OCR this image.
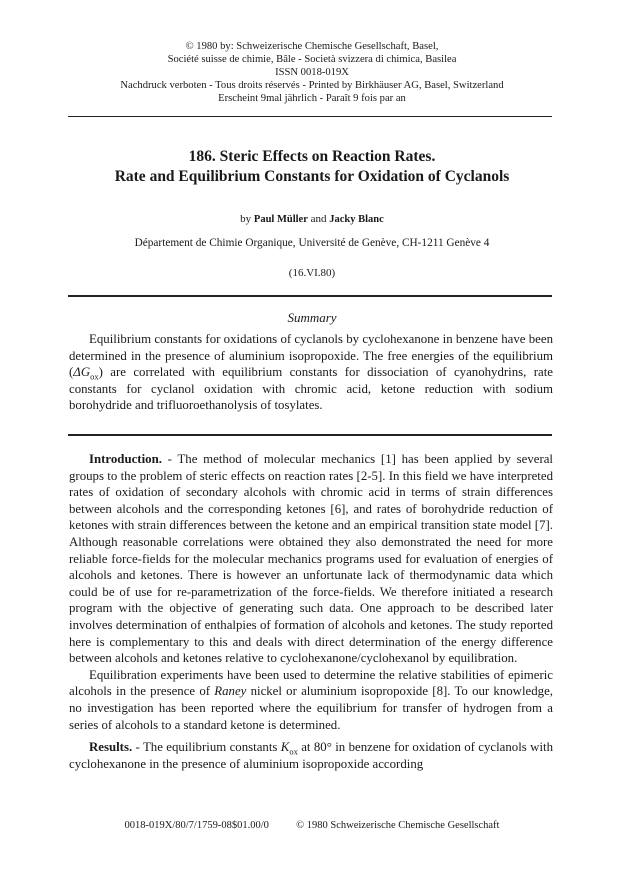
© 1980 by: Schweizerische Chemische Gesellschaft, Basel,
Société suisse de chimie, Bâle - Società svizzera di chimica, Basilea
ISSN 0018-019X
Nachdruck verboten - Tous droits réservés - Printed by Birkhäuser AG, Basel, Switzerland
Erscheint 9mal jährlich - Paraît 9 fois par an
186. Steric Effects on Reaction Rates.
Rate and Equilibrium Constants for Oxidation of Cyclanols
by Paul Müller and Jacky Blanc
Département de Chimie Organique, Université de Genève, CH-1211 Genève 4
(16.VI.80)
Summary

Equilibrium constants for oxidations of cyclanols by cyclohexanone in benzene have been determined in the presence of aluminium isopropoxide. The free energies of the equilibrium $(\Delta G_{ox})$ are correlated with equilibrium constants for dissociation of cyanohydrins, rate constants for cyclanol oxidation with chromic acid, ketone reduction with sodium borohydride and trifluoroethanolysis of tosylates.

Introduction. - The method of molecular mechanics [1] has been applied by several groups to the problem of steric effects on reaction rates [2-5]. In this field we have interpreted rates of oxidation of secondary alcohols with chromic acid in terms of strain differences between alcohols and the corresponding ketones [6], and rates of borohydride reduction of ketones with strain differences between the ketone and an empirical transition state model [7]. Although reasonable correlations were obtained they also demonstrated the need for more reliable force-fields for the molecular mechanics programs used for evaluation of energies of alcohols and ketones. There is however an unfortunate lack of thermodynamic data which could be of use for re-parametrization of the force-fields. We therefore initiated a research program with the objective of generating such data. One approach to be described later involves determination of enthalpies of formation of alcohols and ketones. The study reported here is complementary to this and deals with direct determination of the energy difference between alcohols and ketones relative to cyclohexanone/cyclohexanol by equilibration.

Equilibration experiments have been used to determine the relative stabilities of epimeric alcohols in the presence of Raney nickel or aluminium isopropoxide [8]. To our knowledge, no investigation has been reported where the equilibrium for transfer of hydrogen from a series of alcohols to a standard ketone is determined.

Results. - The equilibrium constants $K_{ox}$ at 80° in benzene for oxidation of cyclanols with cyclohexanone in the presence of aluminium isopropoxide according

0018-019X/80/7/1759-08$01.00/0	© 1980 Schweizerische Chemische Gesellschaft
